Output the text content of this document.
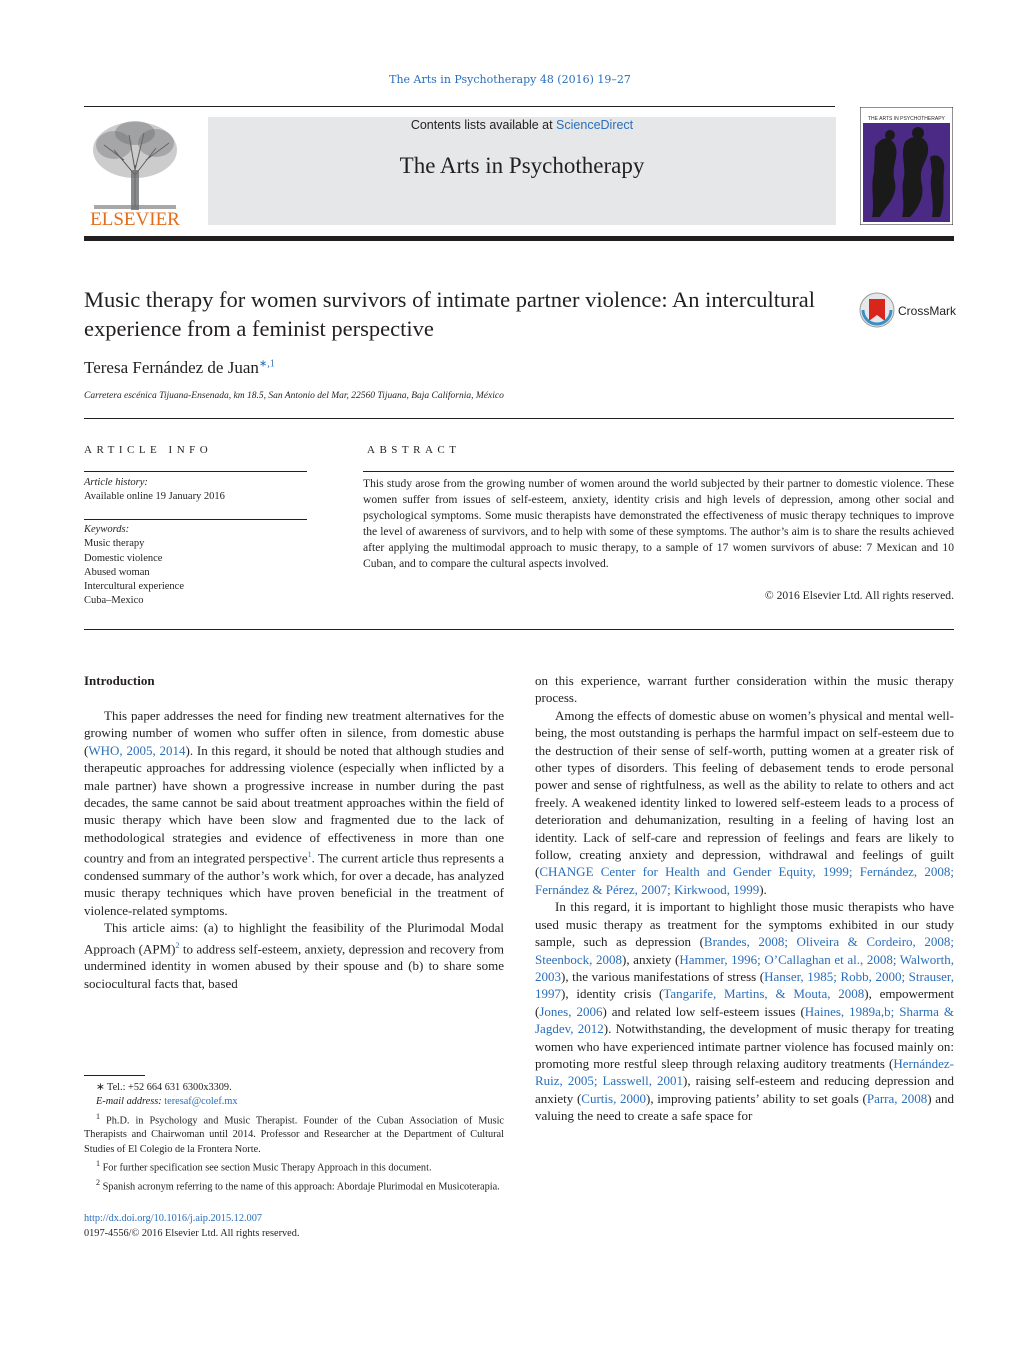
The Arts in Psychotherapy 48 (2016) 19–27
ELSEVIER
Contents lists available at ScienceDirect
The Arts in Psychotherapy
THE ARTS IN PSYCHOTHERAPY
Music therapy for women survivors of intimate partner violence: An intercultural experience from a feminist perspective
CrossMark
Teresa Fernández de Juan$^{∗,1}$
Carretera escénica Tijuana-Ensenada, km 18.5, San Antonio del Mar, 22560 Tijuana, Baja California, México
ARTICLE INFO
Article history:
Available online 19 January 2016
Keywords:
Music therapy
Domestic violence
Abused woman
Intercultural experience
Cuba–Mexico
ABSTRACT
This study arose from the growing number of women around the world subjected by their partner to domestic violence. These women suffer from issues of self-esteem, anxiety, identity crisis and high levels of depression, among other social and psychological symptoms. Some music therapists have demonstrated the effectiveness of music therapy techniques to improve the level of awareness of survivors, and to help with some of these symptoms. The author’s aim is to share the results achieved after applying the multimodal approach to music therapy, to a sample of 17 women survivors of abuse: 7 Mexican and 10 Cuban, and to compare the cultural aspects involved.
© 2016 Elsevier Ltd. All rights reserved.
Introduction

This paper addresses the need for finding new treatment alternatives for the growing number of women who suffer often in silence, from domestic abuse (WHO, 2005, 2014). In this regard, it should be noted that although studies and therapeutic approaches for addressing violence (especially when inflicted by a male partner) have shown a progressive increase in number during the past decades, the same cannot be said about treatment approaches within the field of music therapy which have been slow and fragmented due to the lack of methodological strategies and evidence of effectiveness in more than one country and from an integrated perspective$^1$. The current article thus represents a condensed summary of the author’s work which, for over a decade, has analyzed music therapy techniques which have proven beneficial in the treatment of violence-related symptoms.

This article aims: (a) to highlight the feasibility of the Plurimodal Modal Approach (APM)$^2$ to address self-esteem, anxiety, depression and recovery from undermined identity in women abused by their spouse and (b) to share some sociocultural facts that, based

on this experience, warrant further consideration within the music therapy process.

Among the effects of domestic abuse on women’s physical and mental well-being, the most outstanding is perhaps the harmful impact on self-esteem due to the destruction of their sense of self-worth, putting women at a greater risk of other types of disorders. This feeling of debasement tends to erode personal power and sense of rightfulness, as well as the ability to relate to others and act freely. A weakened identity linked to lowered self-esteem leads to a process of deterioration and dehumanization, resulting in a feeling of having lost an identity. Lack of self-care and repression of feelings and fears are likely to follow, creating anxiety and depression, withdrawal and feelings of guilt (CHANGE Center for Health and Gender Equity, 1999; Fernández, 2008; Fernández & Pérez, 2007; Kirkwood, 1999).

In this regard, it is important to highlight those music therapists who have used music therapy as treatment for the symptoms exhibited in our study sample, such as depression (Brandes, 2008; Oliveira & Cordeiro, 2008; Steenbock, 2008), anxiety (Hammer, 1996; O’Callaghan et al., 2008; Walworth, 2003), the various manifestations of stress (Hanser, 1985; Robb, 2000; Strauser, 1997), identity crisis (Tangarife, Martins, & Mouta, 2008), empowerment (Jones, 2006) and related low self-esteem issues (Haines, 1989a,b; Sharma & Jagdev, 2012). Notwithstanding, the development of music therapy for treating women who have experienced intimate partner violence has focused mainly on: promoting more restful sleep through relaxing auditory treatments (Hernández-Ruiz, 2005; Lasswell, 2001), raising self-esteem and reducing depression and anxiety (Curtis, 2000), improving patients’ ability to set goals (Parra, 2008) and valuing the need to create a safe space for

∗ Tel.: +52 664 631 6300x3309.
E-mail address: teresaf@colef.mx
$^1$ Ph.D. in Psychology and Music Therapist. Founder of the Cuban Association of Music Therapists and Chairwoman until 2014. Professor and Researcher at the Department of Cultural Studies of El Colegio de la Frontera Norte.
$^1$ For further specification see section Music Therapy Approach in this document.
$^2$ Spanish acronym referring to the name of this approach: Abordaje Plurimodal en Musicoterapia.
http://dx.doi.org/10.1016/j.aip.2015.12.007
0197-4556/© 2016 Elsevier Ltd. All rights reserved.
